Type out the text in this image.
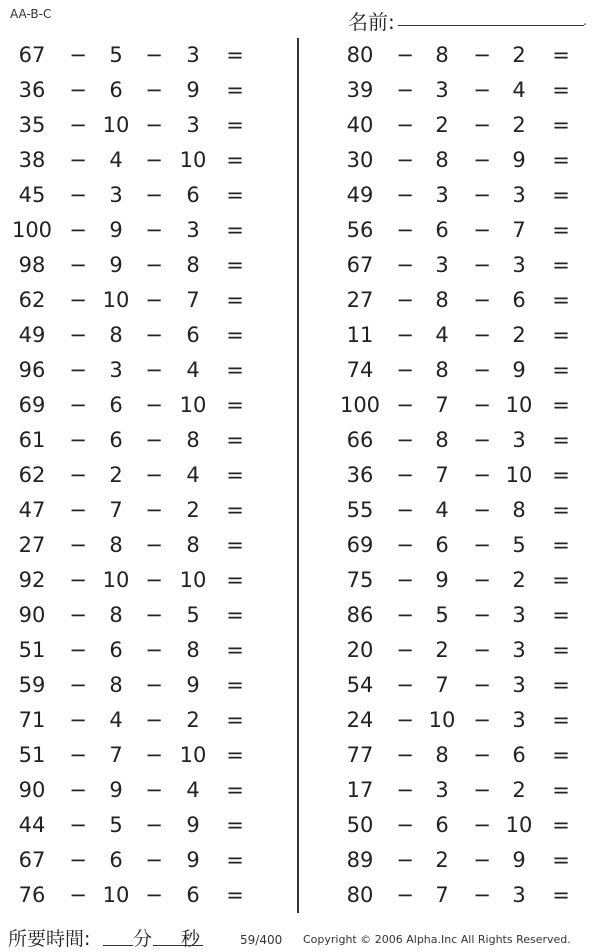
AA-B-C	名前:	.
67	−	5	−	3	=
36	−	6	−	9	=
35	− 10 −	3	=
38	−	4	− 10 =
45	−	3	−	6	=
100 −	9	−	3	=
98	−	9	−	8	=
62	− 10 −	7	=
49	−	8	−	6	=
96	−	3	−	4	=
69	−	6	− 10 =
61	−	6	−	8	=
62	−	2	−	4	=
47	−	7	−	2	=
27	−	8	−	8	=
92	− 10 − 10 =
90	−	8	−	5	=
51	−	6	−	8	=
59	−	8	−	9	=
71	−	4	−	2	=
51	−	7	− 10 =
90	−	9	−	4	=
44	−	5	−	9	=
67	−	6	−	9	=
76	− 10 −	6	=
80	−	8	−	2	=
39	−	3	−	4	=
40	−	2	−	2	=
30	−	8	−	9	=
49	−	3	−	3	=
56	−	6	−	7	=
67	−	3	−	3	=
27	−	8	−	6	=
11	−	4	−	2	=
74	−	8	−	9	=
100 −	7	− 10 =
66	−	8	−	3	=
36	−	7	− 10 =
55	−	4	−	8	=
69	−	6	−	5	=
75	−	9	−	2	=
86	−	5	−	3	=
20	−	2	−	3	=
54	−	7	−	3	=
24	− 10 −	3	=
77	−	8	−	6	=
17	−	3	−	2	=
50	−	6	− 10 =
89	−	2	−	9	=
80	−	7	−	3	=
所要時間: 分 秒	59/400 Copyright © 2006 Alpha.Inc All Rights Reserved.
